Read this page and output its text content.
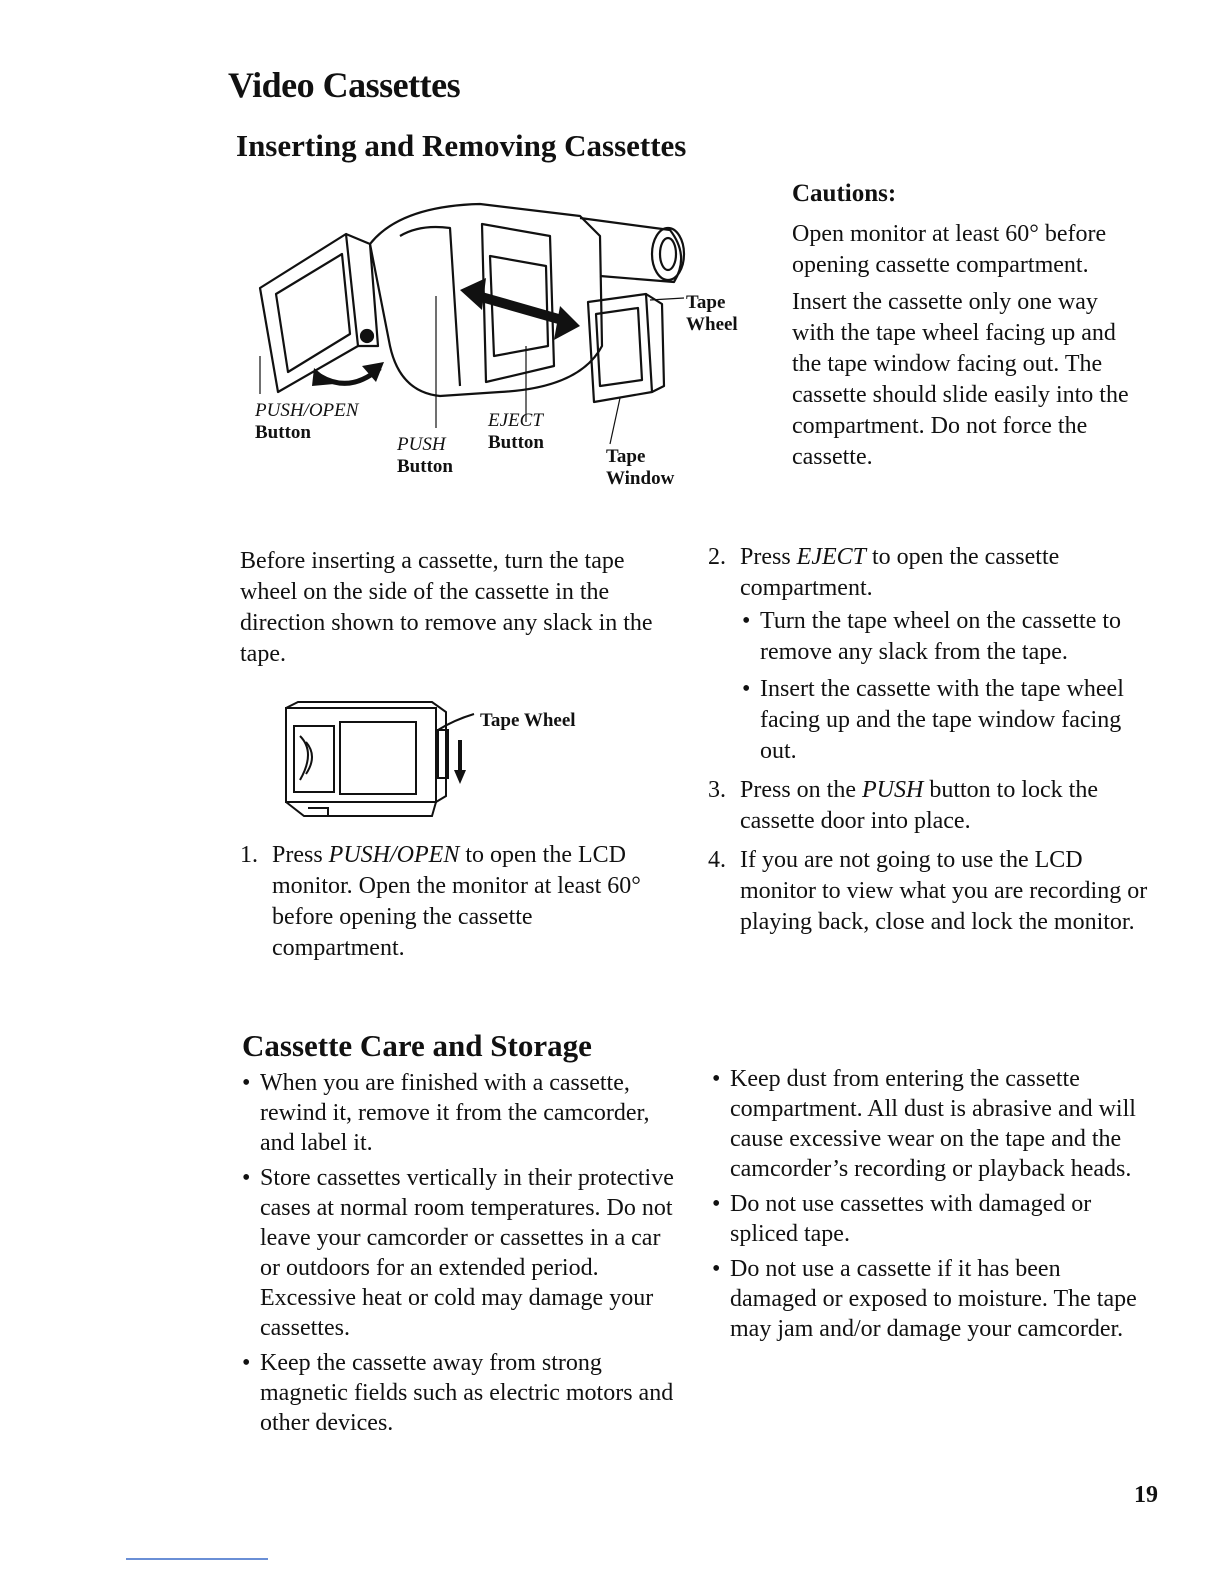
Video Cassettes
Inserting and Removing Cassettes
PUSH/OPEN
Button
PUSH
Button
EJECT
Button
Tape
Window
Tape
Wheel
Cautions:

Open monitor at least 60° before opening cassette compartment.

Insert the cassette only one way with the tape wheel facing up and the tape window facing out. The cassette should slide easily into the compartment. Do not force the cassette.

Before inserting a cassette, turn the tape wheel on the side of the cassette in the direction shown to remove any slack in the tape.

Tape Wheel
1. Press PUSH/OPEN to open the LCD monitor. Open the monitor at least 60° before opening the cassette compartment.
2. Press EJECT to open the cassette compartment.
• Turn the tape wheel on the cassette to remove any slack from the tape.
• Insert the cassette with the tape wheel facing up and the tape window facing out.
3. Press on the PUSH button to lock the cassette door into place.
4. If you are not going to use the LCD monitor to view what you are recording or playing back, close and lock the monitor.
Cassette Care and Storage
• When you are finished with a cassette, rewind it, remove it from the camcorder, and label it.
• Store cassettes vertically in their protective cases at normal room temperatures. Do not leave your camcorder or cassettes in a car or outdoors for an extended period. Excessive heat or cold may damage your cassettes.
• Keep the cassette away from strong magnetic fields such as electric motors and other devices.
• Keep dust from entering the cassette compartment. All dust is abrasive and will cause excessive wear on the tape and the camcorder’s recording or playback heads.
• Do not use cassettes with damaged or spliced tape.
• Do not use a cassette if it has been damaged or exposed to moisture. The tape may jam and/or damage your camcorder.
19
